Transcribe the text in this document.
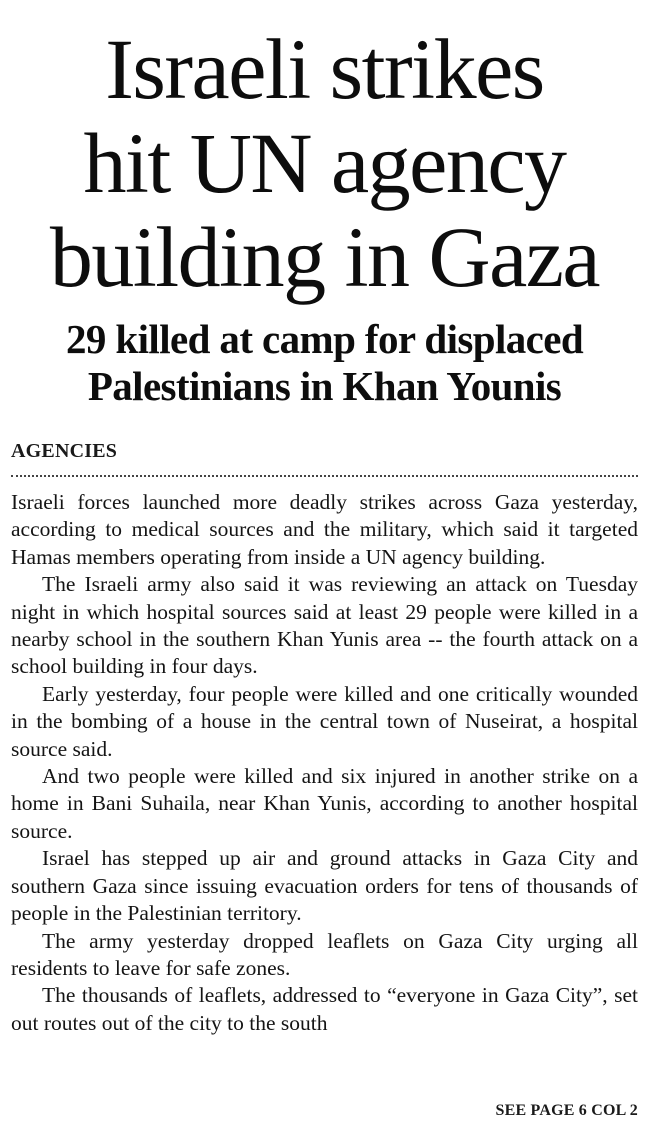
Israeli strikes
hit UN agency
building in Gaza
29 killed at camp for displaced
Palestinians in Khan Younis
AGENCIES

Israeli forces launched more deadly strikes across Gaza yesterday, according to medical sources and the military, which said it targeted Hamas members operating from inside a UN agency building.

The Israeli army also said it was reviewing an attack on Tuesday night in which hospital sources said at least 29 people were killed in a nearby school in the southern Khan Yunis area -- the fourth attack on a school building in four days.

Early yesterday, four people were killed and one critically wounded in the bombing of a house in the central town of Nuseirat, a hospital source said.

And two people were killed and six injured in another strike on a home in Bani Suhaila, near Khan Yunis, according to another hospital source.

Israel has stepped up air and ground attacks in Gaza City and southern Gaza since issuing evacuation orders for tens of thousands of people in the Palestinian territory.

The army yesterday dropped leaflets on Gaza City urging all residents to leave for safe zones.

The thousands of leaflets, addressed to “everyone in Gaza City”, set out routes out of the city to the south

SEE PAGE 6 COL 2
